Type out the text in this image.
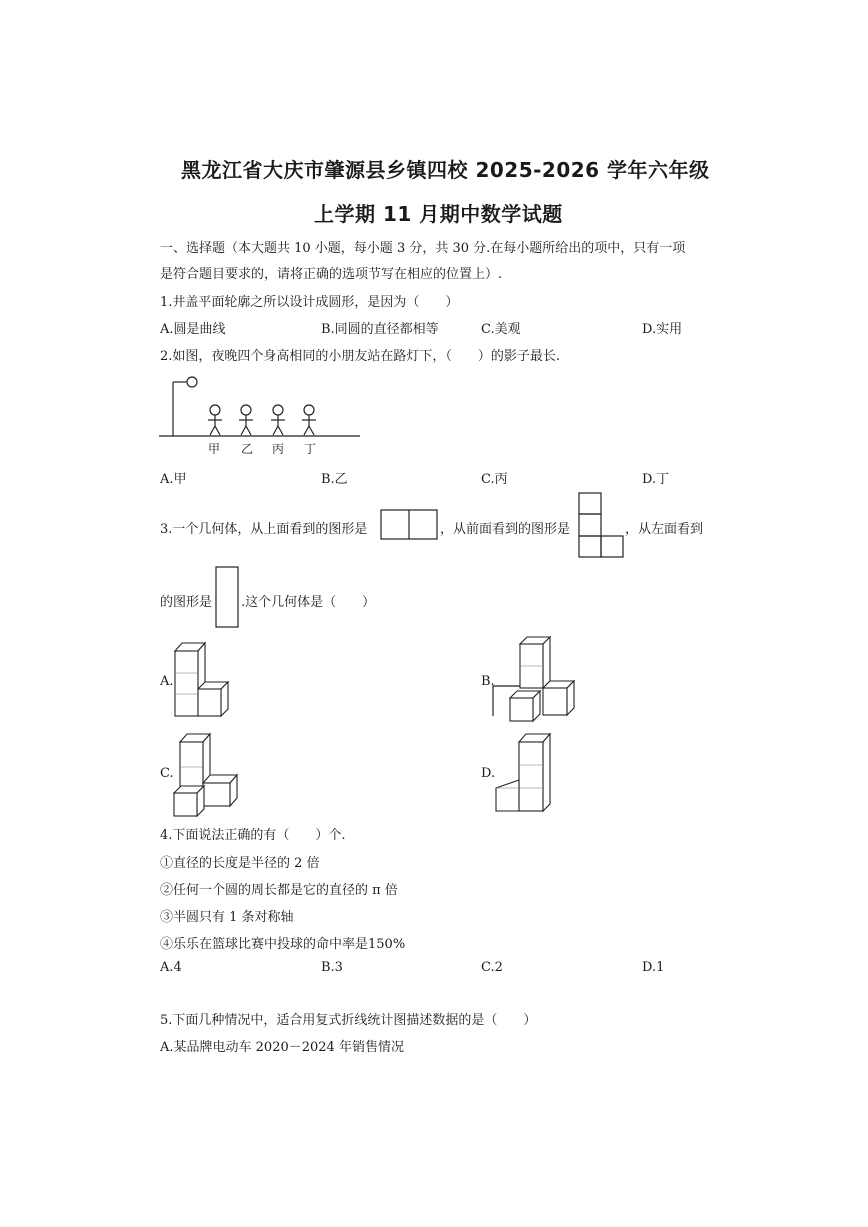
黑龙江省大庆市肇源县乡镇四校 2025-2026 学年六年级
上学期 11 月期中数学试题
一、选择题（本大题共 10 小题，每小题 3 分，共 30 分.在每小题所给出的项中，只有一项
是符合题目要求的，请将正确的选项节写在相应的位置上）.
1.井盖平面轮廓之所以设计成圆形，是因为（　　）
A.圆是曲线	B.同圆的直径都相等	C.美观	D.实用
2.如图，夜晚四个身高相同的小朋友站在路灯下，（　　）的影子最长.
甲 乙 丙 丁
A.甲	B.乙	C.丙	D.丁
3.一个几何体，从上面看到的图形是	，从前面看到的图形是	，从左面看到
的图形是 .这个几何体是（　　）
A.	B.
C.	D.
4.下面说法正确的有（　　）个.
①直径的长度是半径的 2 倍
②任何一个圆的周长都是它的直径的 π 倍
③半圆只有 1 条对称轴
④乐乐在篮球比赛中投球的命中率是150%
A.4	B.3	C.2	D.1
5.下面几种情况中，适合用复式折线统计图描述数据的是（　　）
A.某品牌电动车 2020－2024 年销售情况
